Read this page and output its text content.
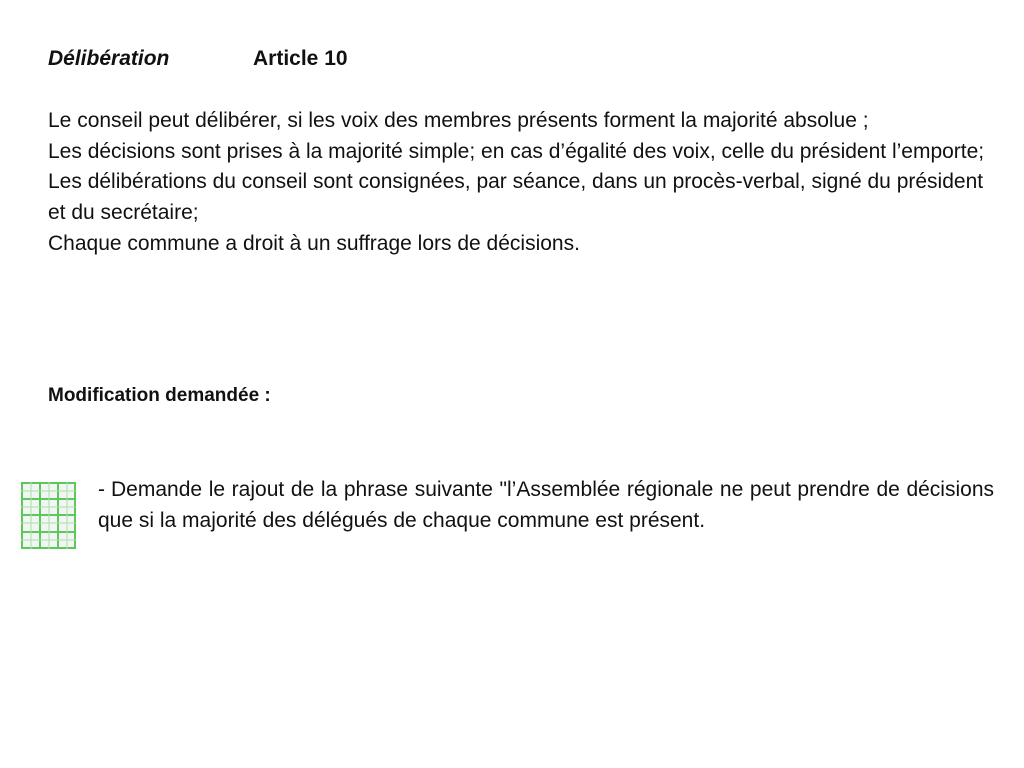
Délibération	Article 10

Le conseil peut délibérer, si les voix des membres présents forment la majorité absolue ;

Les décisions sont prises à la majorité simple; en cas d’égalité des voix, celle du président l’emporte;

Les délibérations du conseil sont consignées, par séance, dans un procès-verbal, signé du président et du secrétaire;

Chaque commune a droit à un suffrage lors de décisions.

Modification demandée :
- Demande le rajout de la phrase suivante "l’Assemblée régionale ne peut prendre de décisions que si la majorité des délégués de chaque commune est présent.
